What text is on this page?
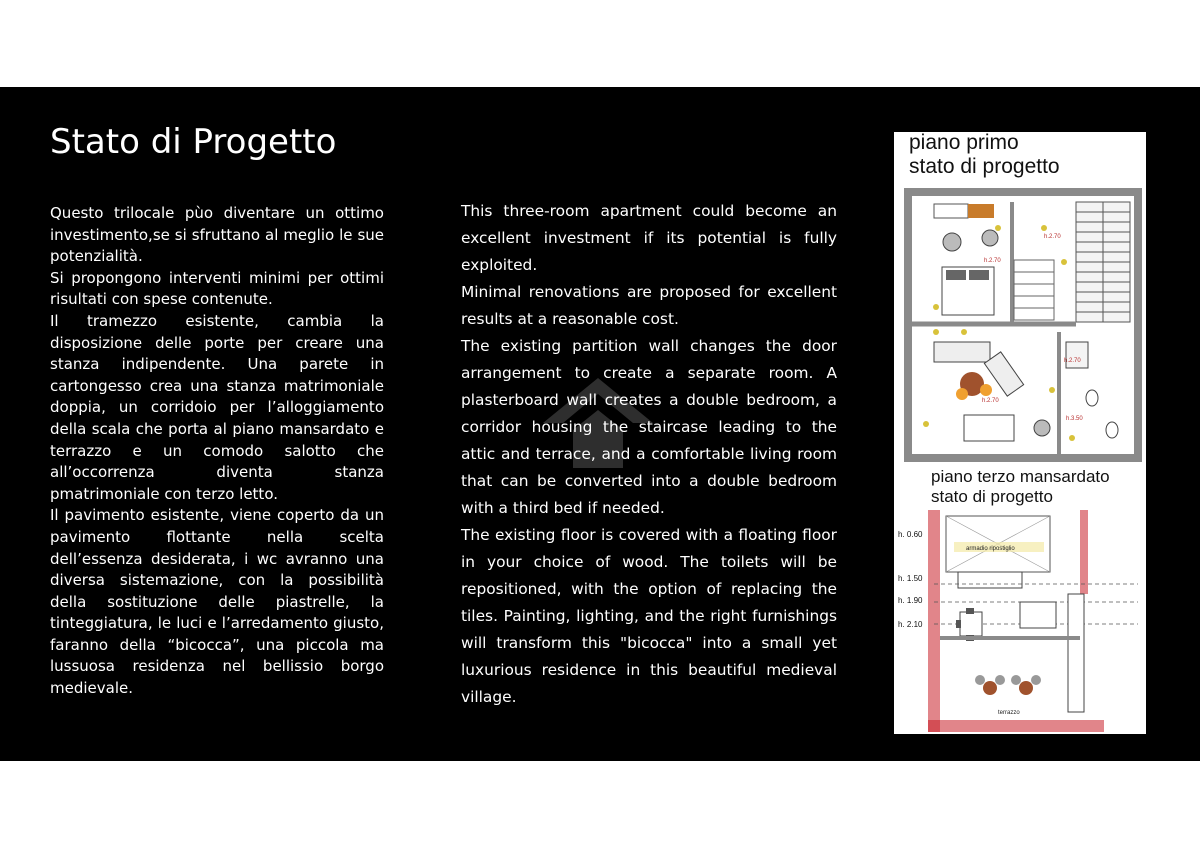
Stato di Progetto

Questo trilocale pùo diventare un ottimo investimento,se si sfruttano al meglio le sue potenzialità.

Si propongono interventi minimi per ottimi risultati con spese contenute.

Il tramezzo esistente, cambia la disposizione delle porte per creare una stanza indipendente. Una parete in cartongesso crea una stanza matrimoniale doppia, un corridoio per l’alloggiamento della scala che porta al piano mansardato e terrazzo e un comodo salotto che all’occorrenza diventa stanza pmatrimoniale con terzo letto.

Il pavimento esistente, viene coperto da un pavimento flottante nella scelta dell’essenza desiderata, i wc avranno una diversa sistemazione, con la possibilità della sostituzione delle piastrelle, la tinteggiatura, le luci e l’arredamento giusto, faranno della “bicocca”, una piccola ma lussuosa residenza nel bellissio borgo medievale.

This three-room apartment could become an excellent investment if its potential is fully exploited.

Minimal renovations are proposed for excellent results at a reasonable cost.

The existing partition wall changes the door arrangement to create a separate room. A plasterboard wall creates a double bedroom, a corridor housing the staircase leading to the attic and terrace, and a comfortable living room that can be converted into a double bedroom with a third bed if needed.

The existing floor is covered with a floating floor in your choice of wood. The toilets will be repositioned, with the option of replacing the tiles. Painting, lighting, and the right furnishings will transform this "bicocca" into a small yet luxurious residence in this beautiful medieval village.

piano primo
stato di progetto
h.2.70
h.2.70
h.2.70
h.2.70
h.3.50
armadio ripostiglio
terrazzo
h. 0.60
h. 1.50
h. 1.90
h. 2.10
piano terzo mansardato
stato di progetto
